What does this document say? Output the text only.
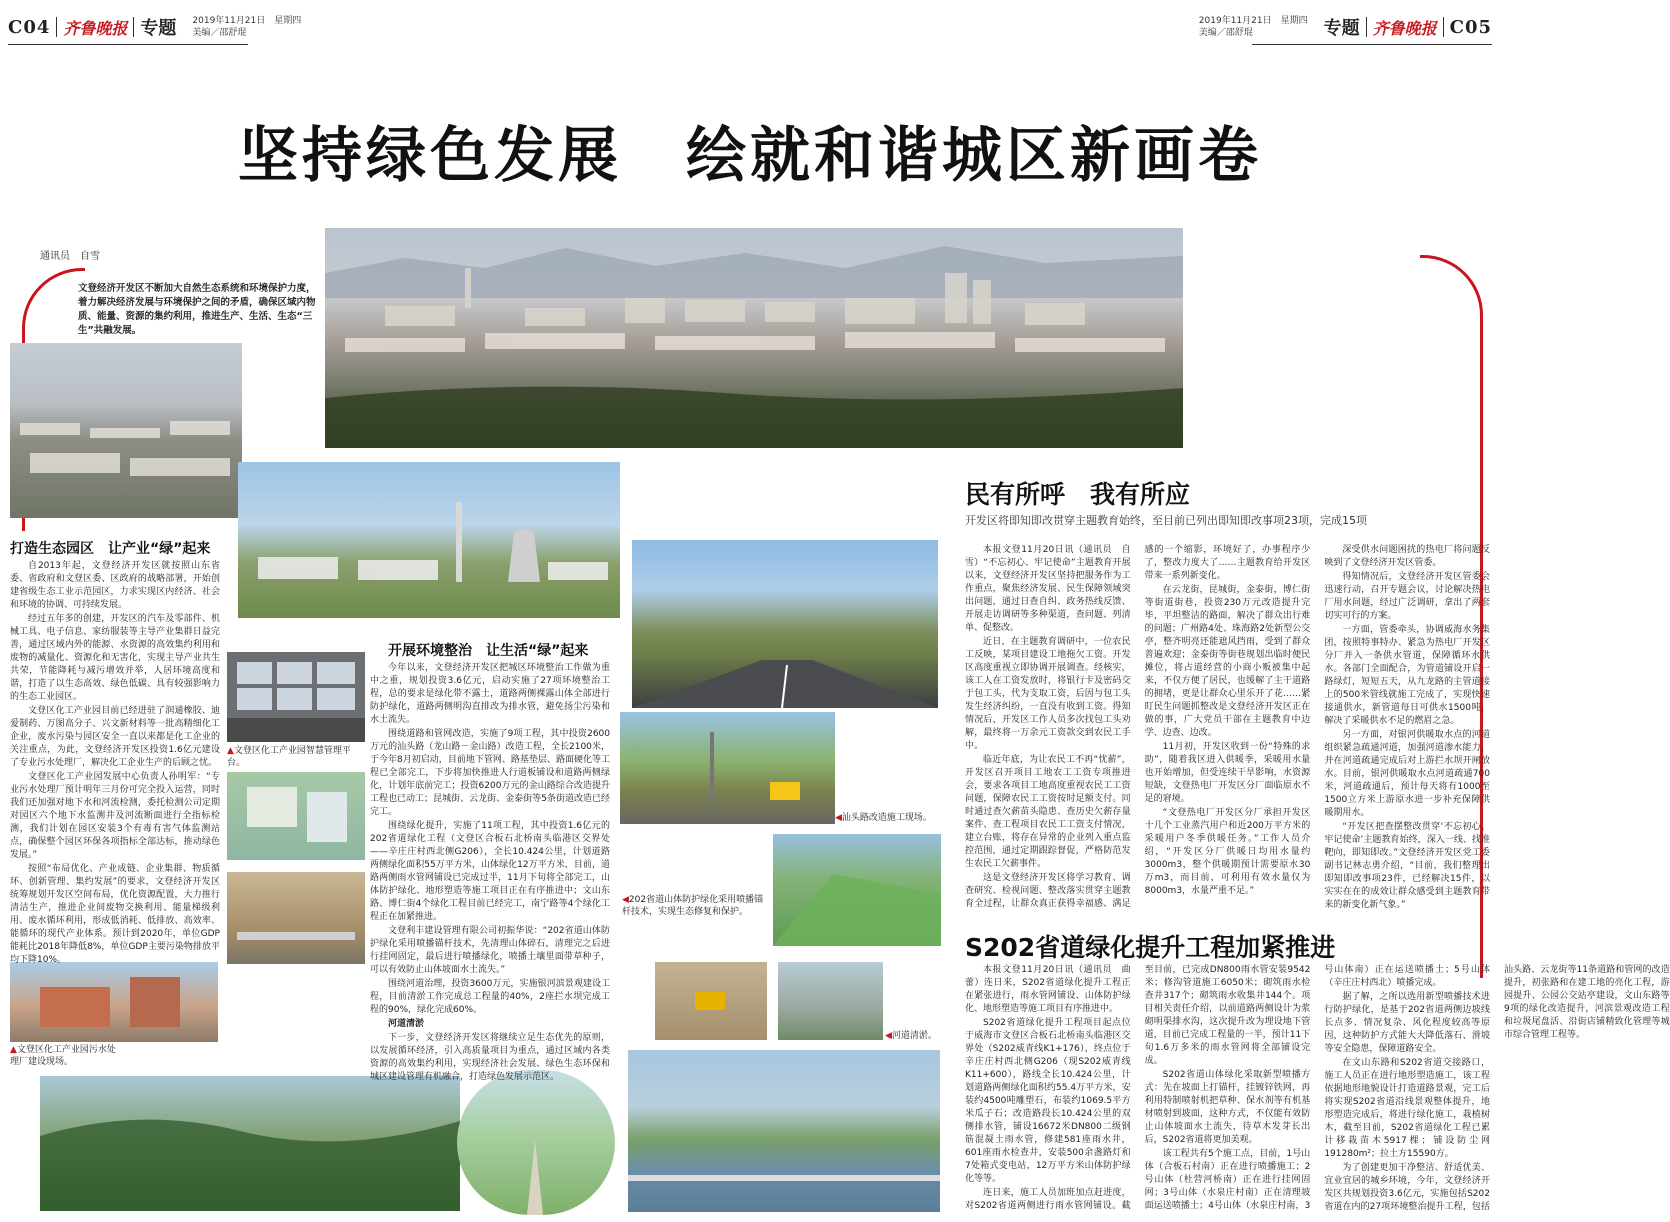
C04 齐鲁晚报 专题 2019年11月21日　星期四
美编／邵舒琨
2019年11月21日　星期四
美编／邵舒琨	专题 齐鲁晚报 C05
坚持绿色发展　绘就和谐城区新画卷
通讯员　自雪
文登经济开发区不断加大自然生态系统和环境保护力度，着力解决经济发展与环境保护之间的矛盾，确保区域内物质、能量、资源的集约利用，推进生产、生活、生态“三生”共融发展。
▲文登区化工产业园智慧管理平台。
◀汕头路改造施工现场。
◀202省道山体防护绿化采用喷播锚杆技术，实现生态修复和保护。
◀河道清淤。
▲文登区化工产业园污水处理厂建设现场。
打造生态园区　让产业“绿”起来

自2013年起，文登经济开发区就按照山东省委、省政府和文登区委、区政府的战略部署，开始创建省级生态工业示范园区，力求实现区内经济、社会和环境的协调、可持续发展。

经过五年多的创建，开发区的汽车及零部件、机械工具、电子信息、家纺服装等主导产业集群日益完善，通过区域内外的能源、水资源的高效集约利用和废物的减量化、资源化和无害化，实现主导产业共生共荣，节能降耗与减污增效并举，人居环境高度和谐，打造了以生态高效、绿色低碳、具有较强影响力的生态工业园区。

文登区化工产业园目前已经进驻了润通橡胶、迪爱制药、万图高分子、兴文新材料等一批高精细化工企业，废水污染与园区安全一直以来都是化工企业的关注重点，为此，文登经济开发区投资1.6亿元建设了专业污水处理厂，解决化工企业生产的后顾之忧。

文登区化工产业园发展中心负责人孙明军：“专业污水处理厂预计明年三月份可完全投入运营，同时我们还加强对地下水和河流检测，委托检测公司定期对园区六个地下水监测井及河流断面进行全指标检测，我们计划在园区安装3个有毒有害气体监测站点，确保整个园区环保各项指标全部达标，推动绿色发展。”

按照“布局优化、产业成链、企业集群、物质循环、创新管理、集约发展”的要求，文登经济开发区统筹规划开发区空间布局，优化资源配置，大力推行清洁生产，推进企业间废物交换利用、能量梯级利用、废水循环利用，形成低消耗、低排放、高效率、能循环的现代产业体系。预计到2020年，单位GDP能耗比2018年降低8%，单位GDP主要污染物排放平均下降10%。

开展环境整治　让生活“绿”起来

今年以来，文登经济开发区把城区环境整治工作做为重中之重，规划投资3.6亿元，启动实施了27项环境整治工程，总的要求是绿化带不露土，道路两侧裸露山体全部进行防护绿化，道路两侧明沟直排改为排水管，避免扬尘污染和水土流失。

围绕道路和管网改造，实施了9项工程，其中投资2600万元的汕头路（龙山路－金山路）改造工程，全长2100米，于今年8月初启动，目前地下管网、路基垫层、路面硬化等工程已全部完工，下步将加快推进人行道板铺设和道路两侧绿化，计划年底前完工；投资6200万元的金山路综合改造提升工程也已动工；昆城街、云龙街、金泰街等5条街道改造已经完工。

围绕绿化提升，实施了11项工程，其中投资1.6亿元的202省道绿化工程（文登区合板石北桥南头临港区交界处——辛庄庄村西北侧G206），全长10.424公里，计划道路两侧绿化面积55万平方米，山体绿化12万平方米，目前，道路两侧雨水管网铺设已完成过半，11月下旬将全部完工，山体防护绿化、地形塑造等施工项目正在有序推进中；文山东路、博仁街4个绿化工程目前已经完工，南宁路等4个绿化工程正在加紧推进。

文登利丰建设管理有限公司初振华说：“202省道山体防护绿化采用喷播锚杆技术，先清理山体碎石，清理完之后进行挂网固定，最后进行喷播绿化，喷播土壤里面带草种子，可以有效防止山体坡面水土流失。”

围绕河道治理，投资3600万元，实施银河滨景观建设工程，目前清淤工作完成总工程量的40%，2座拦水坝完成工程的90%，绿化完成60%。

河道清淤

下一步，文登经济开发区将继续立足生态优先的原则，以发展循环经济，引入高质量项目为重点，通过区域内各类资源的高效集约利用，实现经济社会发展、绿色生态环保和城区建设管理有机融合，打造绿色发展示范区。

民有所呼　我有所应
开发区将即知即改贯穿主题教育始终，至目前已列出即知即改事项23项，完成15项

本报文登11月20日讯（通讯员　自雪）“不忘初心、牢记使命”主题教育开展以来，文登经济开发区坚持把服务作为工作重点，聚焦经济发展、民生保障领域突出问题，通过日查自纠、政务热线反馈、开展走访调研等多种渠道，查问题、列清单、促整改。

近日，在主题教育调研中，一位农民工反映，某项目建设工地拖欠工资。开发区高度重视立即协调开展调查。经核实，该工人在工资发放时，将银行卡及密码交于包工头，代为支取工资，后因与包工头发生经济纠纷，一直没有收到工资。得知情况后，开发区工作人员多次找包工头劝解，最终将一万余元工资款交到农民工手中。

临近年底，为让农民工不再“忧薪”，开发区召开项目工地农工工资专项推进会，要求各项目工地高度重视农民工工资问题，保障农民工工资按时足额支付。同时通过查欠薪苗头隐患、查历史欠薪存量案件、查工程项目农民工工资支付情况，建立台账，将存在异常的企业列入重点监控范围，通过定期跟踪督促，严格防范发生农民工欠薪事件。

这是文登经济开发区将学习教育、调查研究、检视问题、整改落实贯穿主题教育全过程，让群众真正获得幸福感、满足感的一个缩影，环境好了，办事程序少了，整改力度大了……主题教育给开发区带来一系列新变化。

在云龙街，昆城街，金泰街，博仁街等街道街巷，投资230万元改造提升完毕，平坦整洁的路面，解决了群众出行难的问题；广州路4处、珠海路2处新型公交亭，整齐明亮还能遮风挡雨，受到了群众普遍欢迎；金泰街等街巷规划出临时便民摊位，将占道经营的小商小贩被集中起来，不仅方便了居民，也缓解了主干道路的拥堵，更是让群众心里乐开了花……紧盯民生问题抓整改是文登经济开发区正在做的事，广大党员干部在主题教育中边学、边查、边改。

11月初，开发区收到一份“特殊的求助”，随着我区进入供暖季，采暖用水量也开始增加，但受连续干旱影响，水资源短缺，文登热电厂开发区分厂面临原水不足的窘境。

“文登热电厂开发区分厂承担开发区十几个工业蒸汽用户和近200万平方米的采暖用户冬季供暖任务。”工作人员介绍，“开发区分厂供暖日均用水量约3000m3，整个供暖期预计需要原水30万m3，而目前，可利用有效水量仅为8000m3，水量严重不足。”

深受供水问题困扰的热电厂将问题反映到了文登经济开发区管委。

得知情况后，文登经济开发区管委会迅速行动，召开专题会议，讨论解决热电厂用水问题，经过广泛调研，拿出了两套切实可行的方案。

一方面，管委牵头，协调威海水务集团，按照特事特办、紧急为热电厂开发区分厂并入一条供水管道，保障循环水供水。各部门全面配合，为管道铺设开启一路绿灯，短短五天，从九龙路的主管道接上的500米管线就施工完成了，实现快速接通供水，新管道每日可供水1500吨，解决了采暖供水不足的燃眉之急。

另一方面，对银河供暖取水点的河道组织紧急疏通河道，加强河道渗水能力，并在河道疏通完成后对上游拦水坝开闸放水。目前，银河供暖取水点河道疏通700米，河道疏通后，预计每天将有1000至1500立方米上游原水进一步补充保障供暖期用水。

“开发区把查摆整改贯穿‘不忘初心、牢记使命’主题教育始终，深入一线、找准靶向，即知即改。”文登经济开发区党工委副书记林志勇介绍，“目前，我们整理出即知即改事项23件，已经解决15件，以实实在在的成效让群众感受到主题教育带来的新变化新气象。”

S202省道绿化提升工程加紧推进

本报文登11月20日讯（通讯员　曲蕾）连日来，S202省道绿化提升工程正在紧张进行，雨水管网铺设、山体防护绿化、地形塑造等施工项目有序推进中。

S202省道绿化提升工程项目起点位于威海市文登区合板石北桥南头临港区交界处（S202威青线K1+176），终点位于辛庄庄村西北侧G206（现S202威青线K11+600），路线全长10.424公里，计划道路两侧绿化面积约55.4万平方米，安装约4500吨雕塑石，布装约1069.5平方米瓜子石；改造路段长10.424公里的双侧排水管，铺设16672米DN800二级钢筋混凝土雨水管，修建581座雨水井，601座雨水检查井，安装500余盏路灯和7处箱式变电站，12万平方米山体防护绿化等等。

连日来，施工人员加班加点赶进度，对S202省道两侧进行雨水管网铺设。截至目前，已完成DN800雨水管安装9542米；修沟管道施工6050米；砌筑雨水检查井317个；砌筑雨水收集井144个。项目相关责任介绍，以前道路两侧设计为浆砌明渠排水沟，这次提升改为埋设地下管道，目前已完成工程量的一半，预计11下旬1.6万多米的雨水管网将全部铺设完成。

S202省道山体绿化采取新型喷播方式：先在坡面上打锚杆，挂镀锌铁网，再利用特制喷射机把草种、保水剂等有机基材喷射到坡面，这种方式，不仅能有效防止山体坡面水土流失，待草木发芽长出后，S202省道将更加美观。

该工程共有5个施工点，目前，1号山体（合板石村南）正在进行喷播施工；2号山体（杜营河桥南）正在进行挂网固网；3号山体（水泉庄村南）正在清理坡面运送喷播土；4号山体（水泉庄村南，3号山体南）正在运送喷播土；5号山体（辛庄庄村西北）喷播完成。

据了解，之所以选用新型喷播技术进行防护绿化，是基于202省道两侧边坡线长点多、情况复杂、风化程度较高等原因，这种防护方式能大大降低落石、滑坡等安全隐患，保障道路安全。

在文山东路和S202省道交接路口，施工人员正在进行地形塑造施工，该工程依据地形地貌设计打造道路景观，完工后将实现S202省道沿线景观整体提升，地形塑造完成后，将进行绿化施工，栽植树木，截至目前，S202省道绿化工程已累计移栽苗木5917棵；铺设防尘网191280m²；拉土方15590方。

为了创建更加干净整洁、舒适优美、宜业宜居的城乡环境，今年，文登经济开发区共规划投资3.6亿元，实施包括S202省道在内的27项环境整治提升工程，包括汕头路、云龙街等11条道路和管网的改造提升，初张路和在建工地的亮化工程，游园提升、公园公交站亭建设，文山东路等9项的绿化改造提升，河滨景观改造工程和垃圾尾盘活、沿街店铺精致化管理等城市综合管理工程等。
